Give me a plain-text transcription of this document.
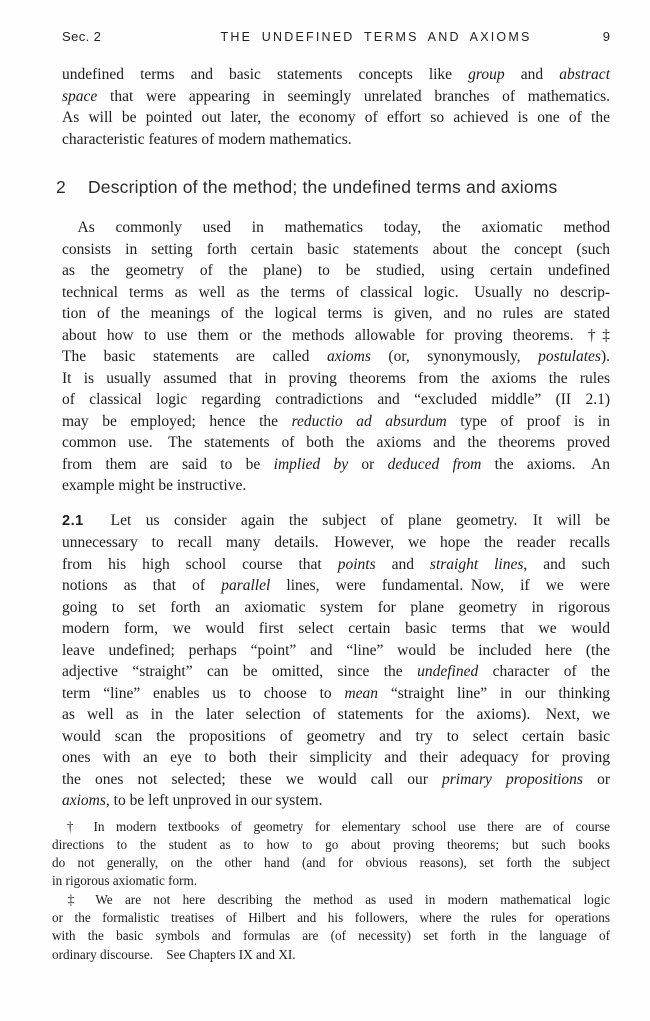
Sec. 2	THE UNDEFINED TERMS AND AXIOMS	9
undefined terms and basic statements concepts like group and abstract
space that were appearing in seemingly unrelated branches of mathematics.
As will be pointed out later, the economy of effort so achieved is one of the
characteristic features of modern mathematics.
2 Description of the method; the undefined terms and axioms
 As commonly used in mathematics today, the axiomatic method
consists in setting forth certain basic statements about the concept (such
as the geometry of the plane) to be studied, using certain undefined
technical terms as well as the terms of classical logic. Usually no descrip-
tion of the meanings of the logical terms is given, and no rules are stated
about how to use them or the methods allowable for proving theorems. †‡
The basic statements are called axioms (or, synonymously, postulates).
It is usually assumed that in proving theorems from the axioms the rules
of classical logic regarding contradictions and “excluded middle” (II 2.1)
may be employed; hence the reductio ad absurdum type of proof is in
common use. The statements of both the axioms and the theorems proved
from them are said to be implied by or deduced from the axioms. An
example might be instructive.
2.1 Let us consider again the subject of plane geometry. It will be
unnecessary to recall many details. However, we hope the reader recalls
from his high school course that points and straight lines, and such
notions as that of parallel lines, were fundamental. Now, if we were
going to set forth an axiomatic system for plane geometry in rigorous
modern form, we would first select certain basic terms that we would
leave undefined; perhaps “point” and “line” would be included here (the
adjective “straight” can be omitted, since the undefined character of the
term “line” enables us to choose to mean “straight line” in our thinking
as well as in the later selection of statements for the axioms). Next, we
would scan the propositions of geometry and try to select certain basic
ones with an eye to both their simplicity and their adequacy for proving
the ones not selected; these we would call our primary propositions or
axioms, to be left unproved in our system.
 † In modern textbooks of geometry for elementary school use there are of course
directions to the student as to how to go about proving theorems; but such books
do not generally, on the other hand (and for obvious reasons), set forth the subject
in rigorous axiomatic form.
 ‡ We are not here describing the method as used in modern mathematical logic
or the formalistic treatises of Hilbert and his followers, where the rules for operations
with the basic symbols and formulas are (of necessity) set forth in the language of
ordinary discourse. See Chapters IX and XI.
